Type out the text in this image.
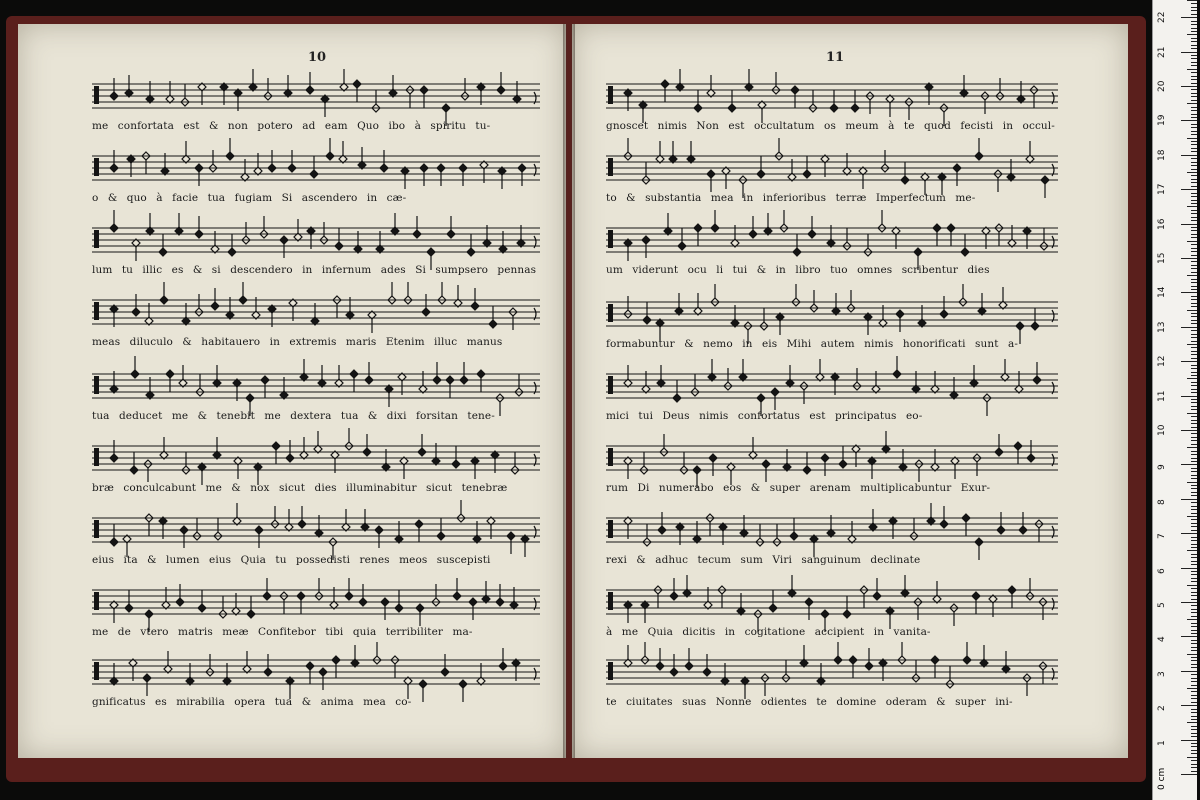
10
me confortata est & non potero ad eam Quo ibo à spiritu tu-
o & quo à facie tua fugiam Si ascendero in cæ-
lum tu illic es & si descendero in infernum ades Si sumpsero pennas
meas diluculo & habitauero in extremis maris Etenim illuc manus
tua deducet me & tenebit me dextera tua & dixi forsitan tene-
bræ conculcabunt me & nox sicut dies illuminabitur sicut tenebræ
eius ita & lumen eius Quia tu possedisti renes meos suscepisti
me de vtero matris meæ Confitebor tibi quia terribiliter ma-
gnificatus es mirabilia opera tua & anima mea co-
11
gnoscet nimis Non est occultatum os meum à te quod fecisti in occul-
to & substantia mea in inferioribus terræ Imperfectum me-
um viderunt ocu li tui & in libro tuo omnes scribentur dies
formabuntur & nemo in eis Mihi autem nimis honorificati sunt a-
mici tui Deus nimis confortatus est principatus eo-
rum Di numerabo eos & super arenam multiplicabuntur Exur-
rexi & adhuc tecum sum Viri sanguinum declinate
à me Quia dicitis in cogitatione accipient in vanita-
te ciuitates suas Nonne odientes te domine oderam & super ini-
0 cm
1
2
3
4
5
6
7
8
9
10
11
12
13
14
15
16
17
18
19
20
21
22
